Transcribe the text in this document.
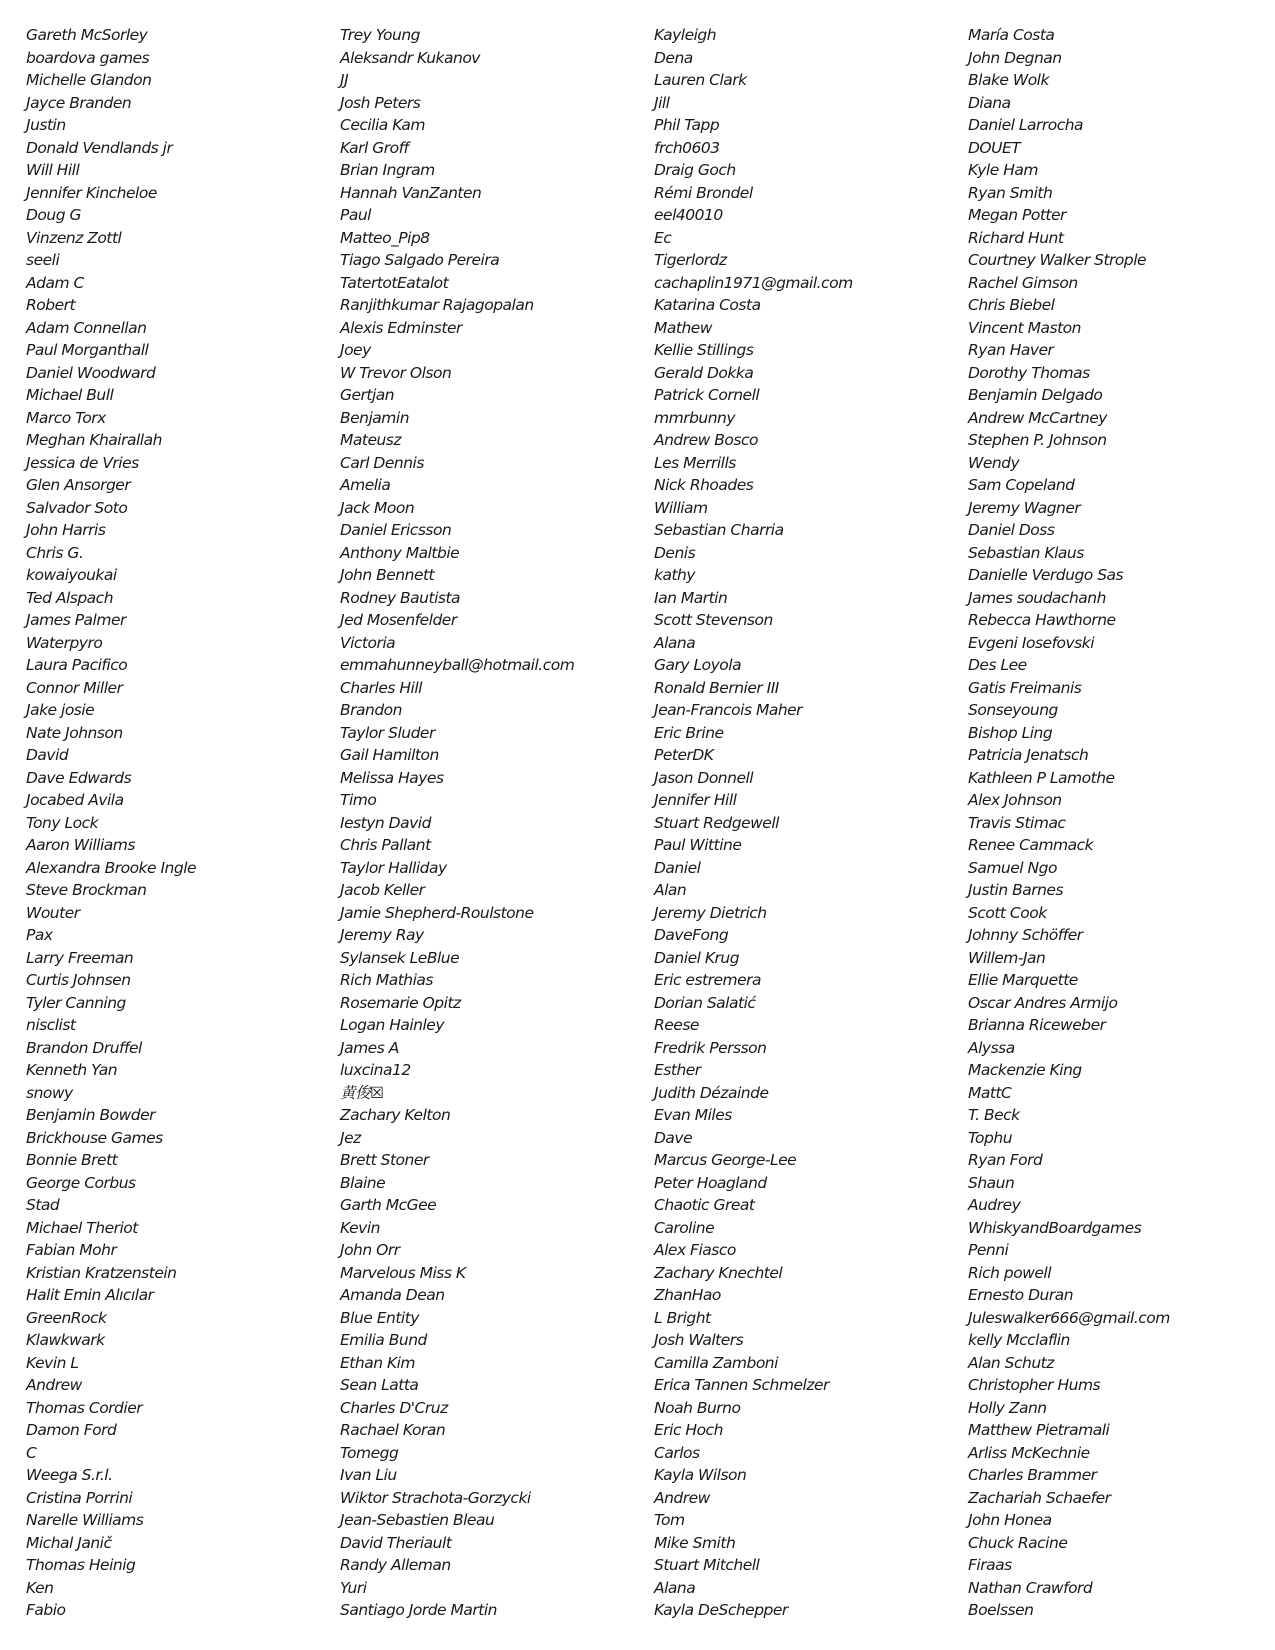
Gareth McSorley
boardova games
Michelle Glandon
Jayce Branden
Justin
Donald Vendlands jr
Will Hill
Jennifer Kincheloe
Doug G
Vinzenz Zottl
seeli
Adam C
Robert
Adam Connellan
Paul Morganthall
Daniel Woodward
Michael Bull
Marco Torx
Meghan Khairallah
Jessica de Vries
Glen Ansorger
Salvador Soto
John Harris
Chris G.
kowaiyoukai
Ted Alspach
James Palmer
Waterpyro
Laura Pacifico
Connor Miller
Jake josie
Nate Johnson
David
Dave Edwards
Jocabed Avila
Tony Lock
Aaron Williams
Alexandra Brooke Ingle
Steve Brockman
Wouter
Pax
Larry Freeman
Curtis Johnsen
Tyler Canning
nisclist
Brandon Druffel
Kenneth Yan
snowy
Benjamin Bowder
Brickhouse Games
Bonnie Brett
George Corbus
Stad
Michael Theriot
Fabian Mohr
Kristian Kratzenstein
Halit Emin Alıcılar
GreenRock
Klawkwark
Kevin L
Andrew
Thomas Cordier
Damon Ford
C
Weega S.r.l.
Cristina Porrini
Narelle Williams
Michal Janič
Thomas Heinig
Ken
Fabio
Trey Young
Aleksandr Kukanov
JJ
Josh Peters
Cecilia Kam
Karl Groff
Brian Ingram
Hannah VanZanten
Paul
Matteo_Pip8
Tiago Salgado Pereira
TatertotEatalot
Ranjithkumar Rajagopalan
Alexis Edminster
Joey
W Trevor Olson
Gertjan
Benjamin
Mateusz
Carl Dennis
Amelia
Jack Moon
Daniel Ericsson
Anthony Maltbie
John Bennett
Rodney Bautista
Jed Mosenfelder
Victoria
emmahunneyball@hotmail.com
Charles Hill
Brandon
Taylor Sluder
Gail Hamilton
Melissa Hayes
Timo
Iestyn David
Chris Pallant
Taylor Halliday
Jacob Keller
Jamie Shepherd-Roulstone
Jeremy Ray
Sylansek LeBlue
Rich Mathias
Rosemarie Opitz
Logan Hainley
James A
luxcina12
黄俊☒
Zachary Kelton
Jez
Brett Stoner
Blaine
Garth McGee
Kevin
John Orr
Marvelous Miss K
Amanda Dean
Blue Entity
Emilia Bund
Ethan Kim
Sean Latta
Charles D'Cruz
Rachael Koran
Tomegg
Ivan Liu
Wiktor Strachota-Gorzycki
Jean-Sebastien Bleau
David Theriault
Randy Alleman
Yuri
Santiago Jorde Martin
Kayleigh
Dena
Lauren Clark
Jill
Phil Tapp
frch0603
Draig Goch
Rémi Brondel
eel40010
Ec
Tigerlordz
cachaplin1971@gmail.com
Katarina Costa
Mathew
Kellie Stillings
Gerald Dokka
Patrick Cornell
mmrbunny
Andrew Bosco
Les Merrills
Nick Rhoades
William
Sebastian Charria
Denis
kathy
Ian Martin
Scott Stevenson
Alana
Gary Loyola
Ronald Bernier III
Jean-Francois Maher
Eric Brine
PeterDK
Jason Donnell
Jennifer Hill
Stuart Redgewell
Paul Wittine
Daniel
Alan
Jeremy Dietrich
DaveFong
Daniel Krug
Eric estremera
Dorian Salatić
Reese
Fredrik Persson
Esther
Judith Dézainde
Evan Miles
Dave
Marcus George-Lee
Peter Hoagland
Chaotic Great
Caroline
Alex Fiasco
Zachary Knechtel
ZhanHao
L Bright
Josh Walters
Camilla Zamboni
Erica Tannen Schmelzer
Noah Burno
Eric Hoch
Carlos
Kayla Wilson
Andrew
Tom
Mike Smith
Stuart Mitchell
Alana
Kayla DeSchepper
María Costa
John Degnan
Blake Wolk
Diana
Daniel Larrocha
DOUET
Kyle Ham
Ryan Smith
Megan Potter
Richard Hunt
Courtney Walker Strople
Rachel Gimson
Chris Biebel
Vincent Maston
Ryan Haver
Dorothy Thomas
Benjamin Delgado
Andrew McCartney
Stephen P. Johnson
Wendy
Sam Copeland
Jeremy Wagner
Daniel Doss
Sebastian Klaus
Danielle Verdugo Sas
James soudachanh
Rebecca Hawthorne
Evgeni Iosefovski
Des Lee
Gatis Freimanis
Sonseyoung
Bishop Ling
Patricia Jenatsch
Kathleen P Lamothe
Alex Johnson
Travis Stimac
Renee Cammack
Samuel Ngo
Justin Barnes
Scott Cook
Johnny Schöffer
Willem-Jan
Ellie Marquette
Oscar Andres Armijo
Brianna Riceweber
Alyssa
Mackenzie King
MattC
T. Beck
Tophu
Ryan Ford
Shaun
Audrey
WhiskyandBoardgames
Penni
Rich powell
Ernesto Duran
Juleswalker666@gmail.com
kelly Mcclaflin
Alan Schutz
Christopher Hums
Holly Zann
Matthew Pietramali
Arliss McKechnie
Charles Brammer
Zachariah Schaefer
John Honea
Chuck Racine
Firaas
Nathan Crawford
Boelssen
